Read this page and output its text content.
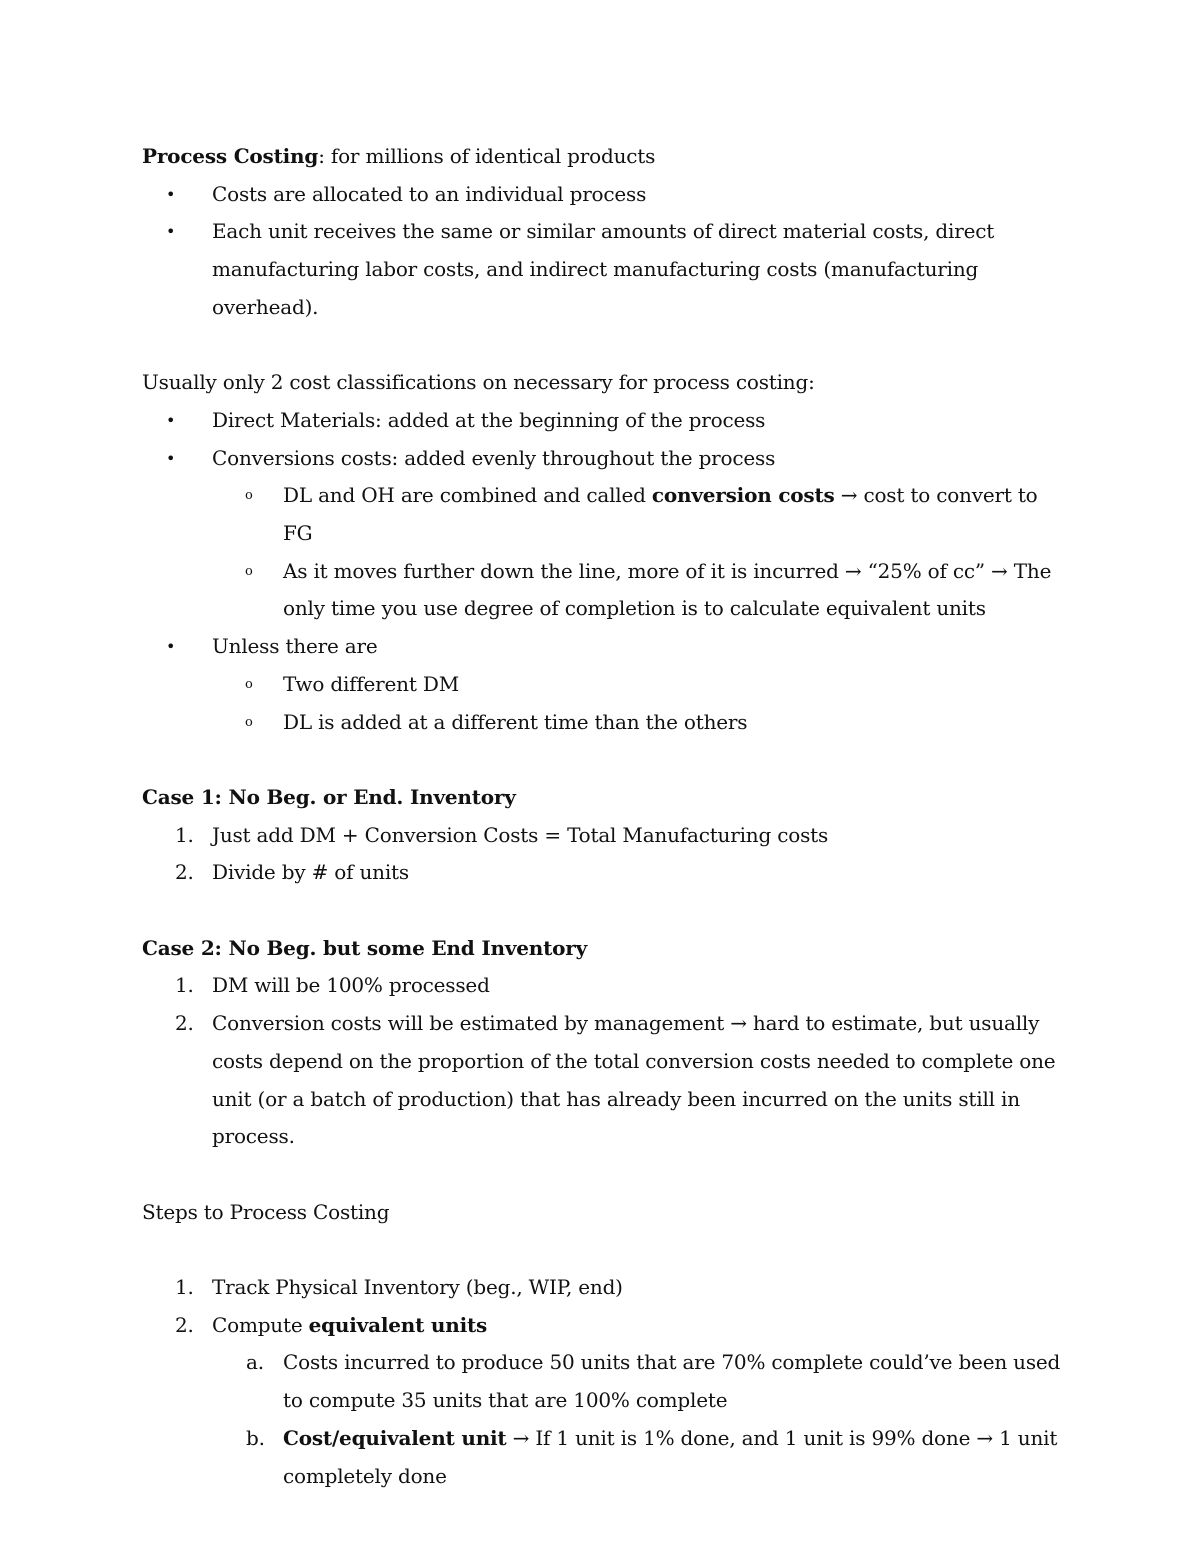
Process Costing: for millions of identical products

• Costs are allocated to an individual process
• Each unit receives the same or similar amounts of direct material costs, direct manufacturing labor costs, and indirect manufacturing costs (manufacturing overhead).

Usually only 2 cost classifications on necessary for process costing:

• Direct Materials: added at the beginning of the process
• Conversions costs: added evenly throughout the process
o DL and OH are combined and called conversion costs → cost to convert to FG
o As it moves further down the line, more of it is incurred → “25% of cc” → The only time you use degree of completion is to calculate equivalent units
• Unless there are
o Two different DM
o DL is added at a different time than the others

Case 1: No Beg. or End. Inventory

1. Just add DM + Conversion Costs = Total Manufacturing costs
2. Divide by # of units

Case 2: No Beg. but some End Inventory

1. DM will be 100% processed
2. Conversion costs will be estimated by management → hard to estimate, but usually costs depend on the proportion of the total conversion costs needed to complete one unit (or a batch of production) that has already been incurred on the units still in process.

Steps to Process Costing

1. Track Physical Inventory (beg., WIP, end)
2. Compute equivalent units
a. Costs incurred to produce 50 units that are 70% complete could’ve been used to compute 35 units that are 100% complete
b. Cost/equivalent unit → If 1 unit is 1% done, and 1 unit is 99% done → 1 unit completely done
